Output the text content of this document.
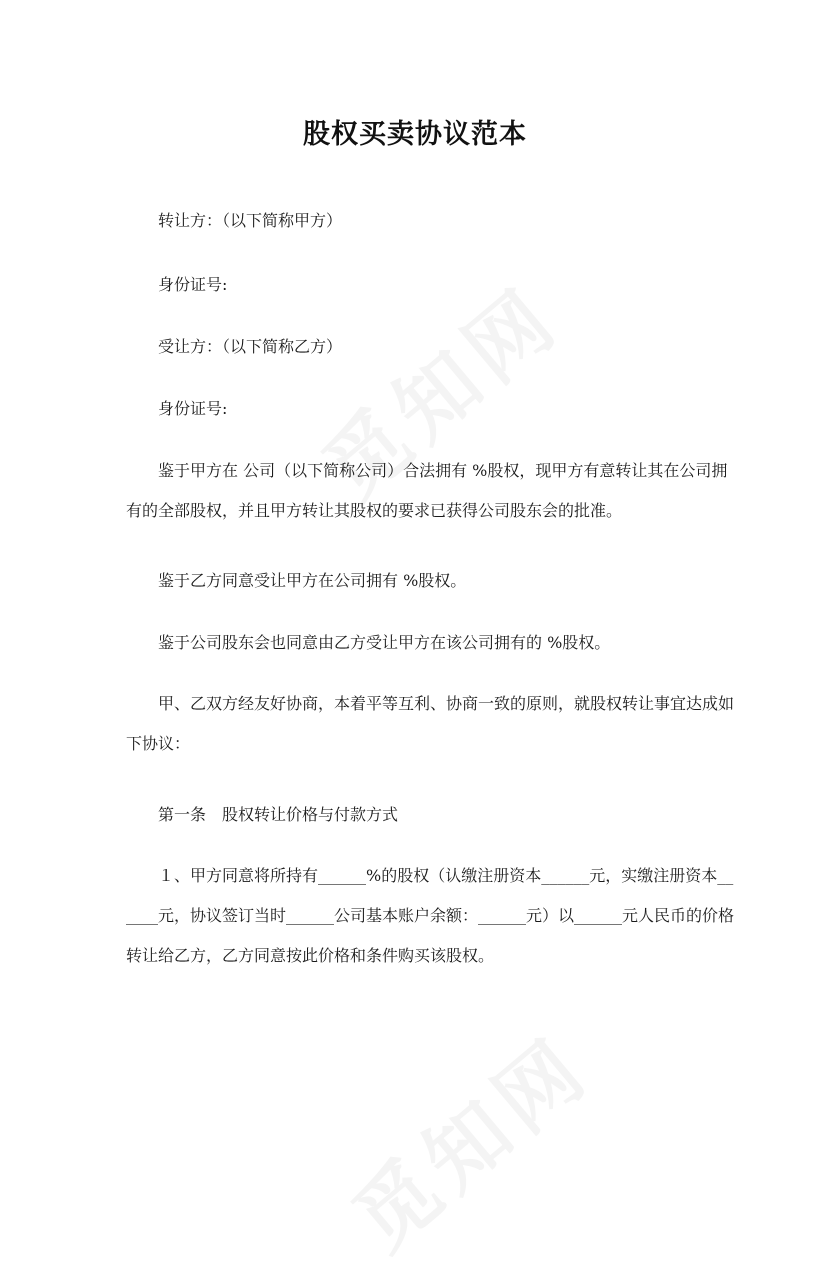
股权买卖协议范本

转让方：（以下简称甲方）

身份证号:

受让方：（以下简称乙方）

身份证号:

鉴于甲方在 公司（以下简称公司）合法拥有 %股权，现甲方有意转让其在公司拥有的全部股权，并且甲方转让其股权的要求已获得公司股东会的批准。

鉴于乙方同意受让甲方在公司拥有 %股权。

鉴于公司股东会也同意由乙方受让甲方在该公司拥有的 %股权。

甲、乙双方经友好协商，本着平等互利、协商一致的原则，就股权转让事宜达成如下协议：

第一条　股权转让价格与付款方式

１、甲方同意将所持有______%的股权（认缴注册资本______元，实缴注册资本______元，协议签订当时______公司基本账户余额：______元）以______元人民币的价格转让给乙方，乙方同意按此价格和条件购买该股权。
